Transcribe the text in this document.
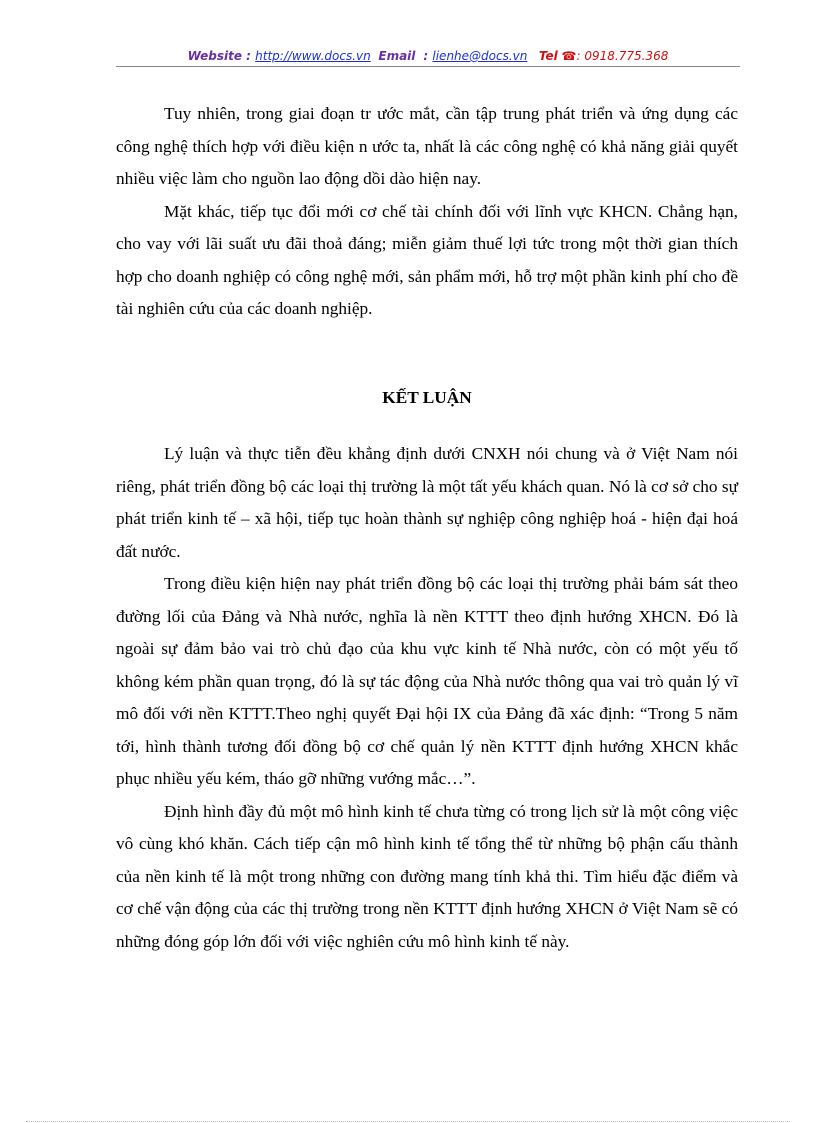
Website : http://www.docs.vn Email  : lienhe@docs.vn Tel ☎: 0918.775.368

Tuy nhiên, trong giai đoạn tr ước mắt, cần tập trung phát triển và ứng dụng các công nghệ thích hợp với điều kiện n ước ta, nhất là các công nghệ có khả năng giải quyết nhiều việc làm cho nguồn lao động dồi dào hiện nay.

Mặt khác, tiếp tục đổi mới cơ chế tài chính đối với lĩnh vực KHCN. Chẳng hạn, cho vay với lãi suất ưu đãi thoả đáng; miễn giảm thuế lợi tức trong một thời gian thích hợp cho doanh nghiệp có công nghệ mới, sản phẩm mới, hỗ trợ một phần kinh phí cho đề tài nghiên cứu của các doanh nghiệp.

KẾT LUẬN

Lý luận và thực tiễn đều khẳng định dưới CNXH nói chung và ở Việt Nam nói riêng, phát triển đồng bộ các loại thị trường là một tất yếu khách quan. Nó là cơ sở cho sự phát triển kinh tế – xã hội, tiếp tục hoàn thành sự nghiệp công nghiệp hoá - hiện đại hoá đất nước.

Trong điều kiện hiện nay phát triển đồng bộ các loại thị trường phải bám sát theo đường lối của Đảng và Nhà nước, nghĩa là nền KTTT theo định hướng XHCN. Đó là ngoài sự đảm bảo vai trò chủ đạo của khu vực kinh tế Nhà nước, còn có một yếu tố không kém phần quan trọng, đó là sự tác động của Nhà nước thông qua vai trò quản lý vĩ mô đối với nền KTTT.Theo nghị quyết Đại hội IX của Đảng đã xác định: “Trong 5 năm tới, hình thành tương đối đồng bộ cơ chế quản lý nền KTTT định hướng XHCN khắc phục nhiều yếu kém, tháo gỡ những vướng mắc…”.

Định hình đầy đủ một mô hình kinh tế chưa từng có trong lịch sử là một công việc vô cùng khó khăn. Cách tiếp cận mô hình kinh tế tổng thể từ những bộ phận cấu thành của nền kinh tế là một trong những con đường mang tính khả thi. Tìm hiểu đặc điểm và cơ chế vận động của các thị trường trong nền KTTT định hướng XHCN ở Việt Nam sẽ có những đóng góp lớn đối với việc nghiên cứu mô hình kinh tế này.
